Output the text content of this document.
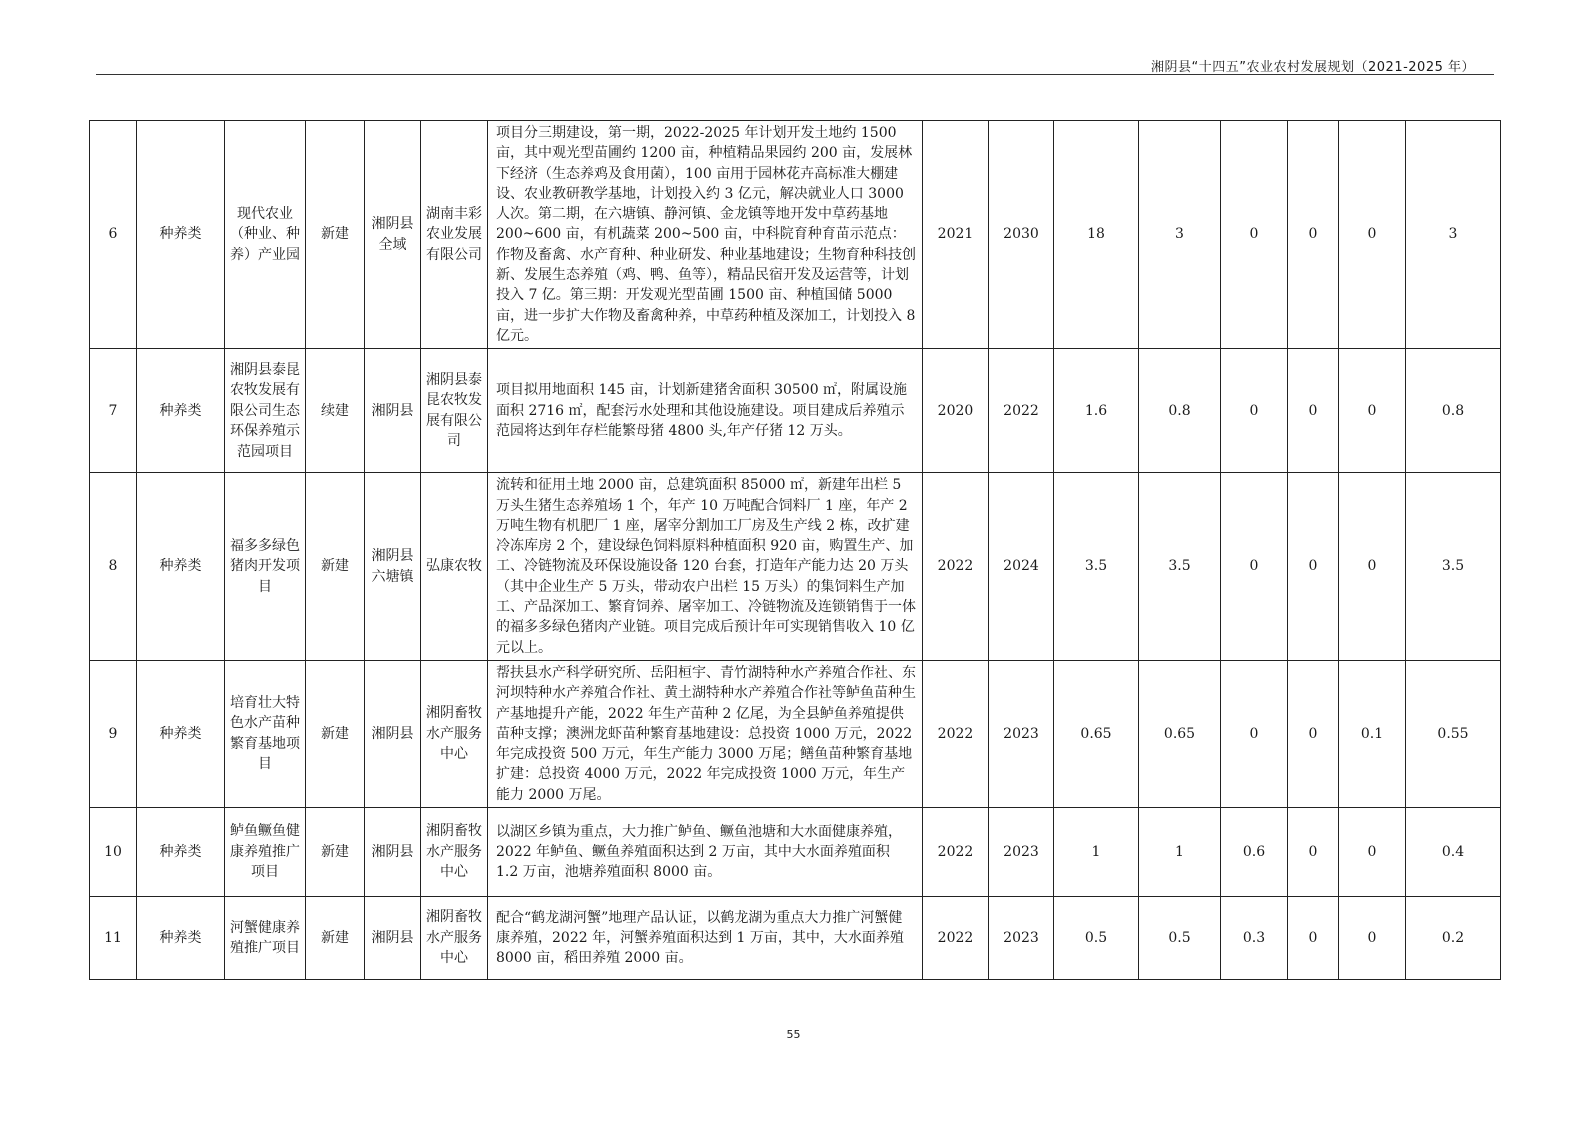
湘阴县“十四五”农业农村发展规划（2021-2025 年）
6	种养类	现代农业（种业、种养）产业园	新建	湘阴县全域	湖南丰彩农业发展有限公司	项目分三期建设，第一期，2022-2025 年计划开发土地约 1500 亩，其中观光型苗圃约 1200 亩，种植精品果园约 200 亩，发展林下经济（生态养鸡及食用菌），100 亩用于园林花卉高标准大棚建设、农业教研教学基地，计划投入约 3 亿元，解决就业人口 3000 人次。第二期，在六塘镇、静河镇、金龙镇等地开发中草药基地 200~600 亩，有机蔬菜 200~500 亩，中科院育种育苗示范点：作物及畜禽、水产育种、种业研发、种业基地建设；生物育种科技创新、发展生态养殖（鸡、鸭、鱼等），精品民宿开发及运营等，计划投入 7 亿。第三期：开发观光型苗圃 1500 亩、种植国储 5000 亩，进一步扩大作物及畜禽种养，中草药种植及深加工，计划投入 8 亿元。	2021	2030	18	3	0	0	0	3
7	种养类	湘阴县泰昆农牧发展有限公司生态环保养殖示范园项目	续建	湘阴县	湘阴县泰昆农牧发展有限公司	项目拟用地面积 145 亩，计划新建猪舍面积 30500 ㎡，附属设施面积 2716 ㎡，配套污水处理和其他设施建设。项目建成后养殖示范园将达到年存栏能繁母猪 4800 头,年产仔猪 12 万头。	2020	2022	1.6	0.8	0	0	0	0.8
8	种养类	福多多绿色猪肉开发项目	新建	湘阴县六塘镇	弘康农牧	流转和征用土地 2000 亩，总建筑面积 85000 ㎡，新建年出栏 5 万头生猪生态养殖场 1 个，年产 10 万吨配合饲料厂 1 座，年产 2 万吨生物有机肥厂 1 座，屠宰分割加工厂房及生产线 2 栋，改扩建冷冻库房 2 个，建设绿色饲料原料种植面积 920 亩，购置生产、加工、冷链物流及环保设施设备 120 台套，打造年产能力达 20 万头（其中企业生产 5 万头，带动农户出栏 15 万头）的集饲料生产加工、产品深加工、繁育饲养、屠宰加工、冷链物流及连锁销售于一体的福多多绿色猪肉产业链。项目完成后预计年可实现销售收入 10 亿元以上。	2022	2024	3.5	3.5	0	0	0	3.5
9	种养类	培育壮大特色水产苗种繁育基地项目	新建	湘阴县	湘阴畜牧水产服务中心	帮扶县水产科学研究所、岳阳桓宇、青竹湖特种水产养殖合作社、东河坝特种水产养殖合作社、黄土湖特种水产养殖合作社等鲈鱼苗种生产基地提升产能，2022 年生产苗种 2 亿尾，为全县鲈鱼养殖提供苗种支撑；澳洲龙虾苗种繁育基地建设：总投资 1000 万元，2022 年完成投资 500 万元，年生产能力 3000 万尾；鳝鱼苗种繁育基地扩建：总投资 4000 万元，2022 年完成投资 1000 万元，年生产能力 2000 万尾。	2022	2023	0.65	0.65	0	0	0.1	0.55
10	种养类	鲈鱼鳜鱼健康养殖推广项目	新建	湘阴县	湘阴畜牧水产服务中心	以湖区乡镇为重点，大力推广鲈鱼、鳜鱼池塘和大水面健康养殖，2022 年鲈鱼、鳜鱼养殖面积达到 2 万亩，其中大水面养殖面积 1.2 万亩，池塘养殖面积 8000 亩。	2022	2023	1	1	0.6	0	0	0.4
11	种养类	河蟹健康养殖推广项目	新建	湘阴县	湘阴畜牧水产服务中心	配合“鹤龙湖河蟹”地理产品认证，以鹤龙湖为重点大力推广河蟹健康养殖，2022 年，河蟹养殖面积达到 1 万亩，其中，大水面养殖 8000 亩，稻田养殖 2000 亩。	2022	2023	0.5	0.5	0.3	0	0	0.2
55
